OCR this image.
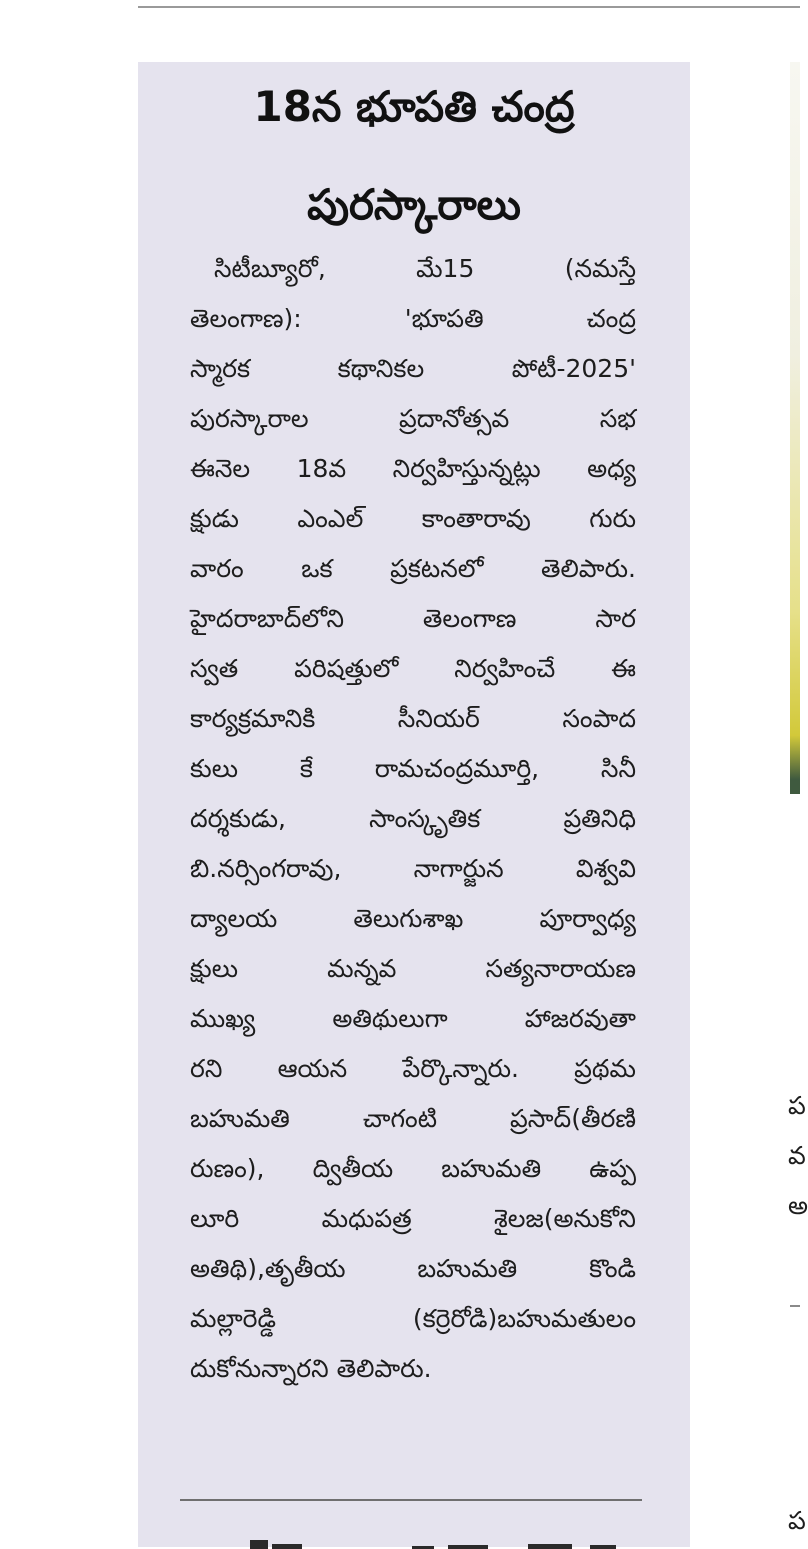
18న భూపతి చంద్ర
పురస్కారాలు
సిటీబ్యూరో, మే15 (నమస్తే
తెలంగాణ): 'భూపతి చంద్ర
స్మారక కథానికల పోటీ-2025'
పురస్కారాల ప్రదానోత్సవ సభ
ఈనెల 18వ నిర్వహిస్తున్నట్లు అధ్య
క్షుడు ఎంఎల్ కాంతారావు గురు
వారం ఒక ప్రకటనలో తెలిపారు.
హైదరాబాద్‌లోని తెలంగాణ సార
స్వత పరిషత్తులో నిర్వహించే ఈ
కార్యక్రమానికి సీనియర్ సంపాద
కులు కే రామచంద్రమూర్తి, సినీ
దర్శకుడు, సాంస్కృతిక ప్రతినిధి
బి.నర్సింగరావు, నాగార్జున విశ్వవి
ద్యాలయ తెలుగుశాఖ పూర్వాధ్య
క్షులు మన్నవ సత్యనారాయణ
ముఖ్య అతిథులుగా హాజరవుతా
రని ఆయన పేర్కొన్నారు. ప్రథమ
బహుమతి చాగంటి ప్రసాద్(తీరణి
రుణం), ద్వితీయ బహుమతి ఉప్ప
లూరి మధుపత్ర శైలజ(అనుకోని
అతిథి),తృతీయ బహుమతి కొండి
మల్లారెడ్డి (కర్రెరోడి)బహుమతులం
దుకోనున్నారని తెలిపారు.
ప
వ
అ
ప
